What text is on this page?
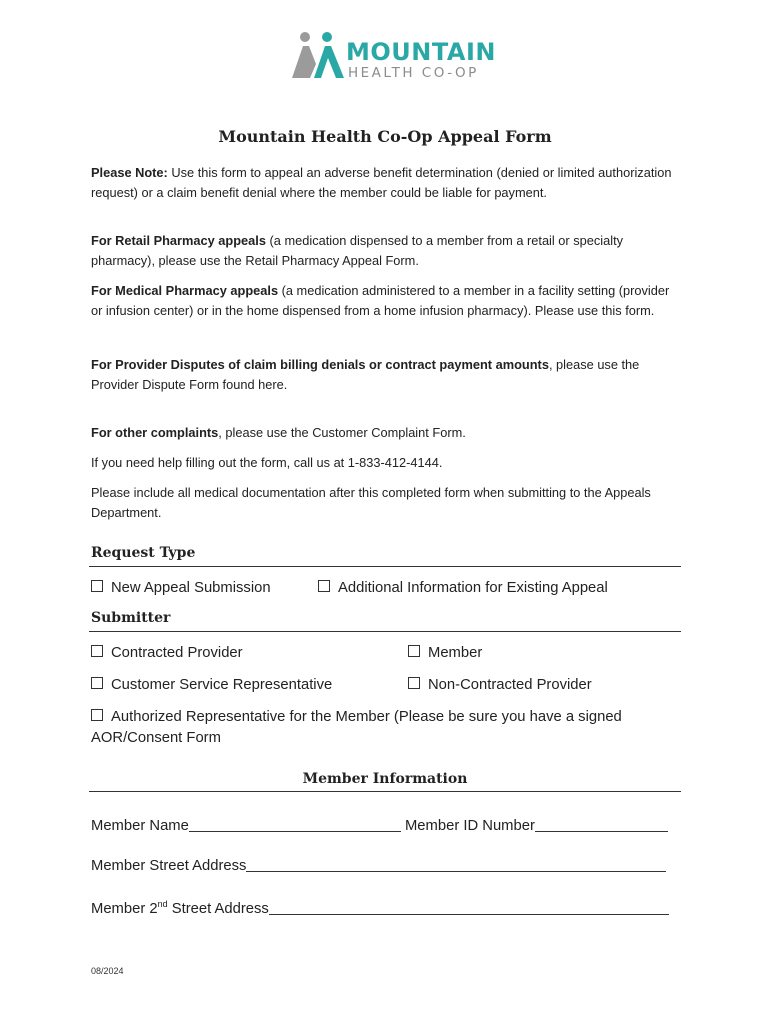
MOUNTAIN
HEALTH CO-OP
Mountain Health Co-Op Appeal Form
Please Note: Use this form to appeal an adverse benefit determination (denied or limited authorization request) or a claim benefit denial where the member could be liable for payment.
For Retail Pharmacy appeals (a medication dispensed to a member from a retail or specialty pharmacy), please use the Retail Pharmacy Appeal Form.
For Medical Pharmacy appeals (a medication administered to a member in a facility setting (provider or infusion center) or in the home dispensed from a home infusion pharmacy). Please use this form.
For Provider Disputes of claim billing denials or contract payment amounts, please use the Provider Dispute Form found here.
For other complaints, please use the Customer Complaint Form.
If you need help filling out the form, call us at 1-833-412-4144.
Please include all medical documentation after this completed form when submitting to the Appeals Department.
Request Type
New Appeal Submission	Additional Information for Existing Appeal
Submitter
Contracted Provider	Member
Customer Service Representative	Non-Contracted Provider
Authorized Representative for the Member (Please be sure you have a signed AOR/Consent Form
Member Information
Member Name	Member ID Number
Member Street Address
Member 2nd Street Address
08/2024
